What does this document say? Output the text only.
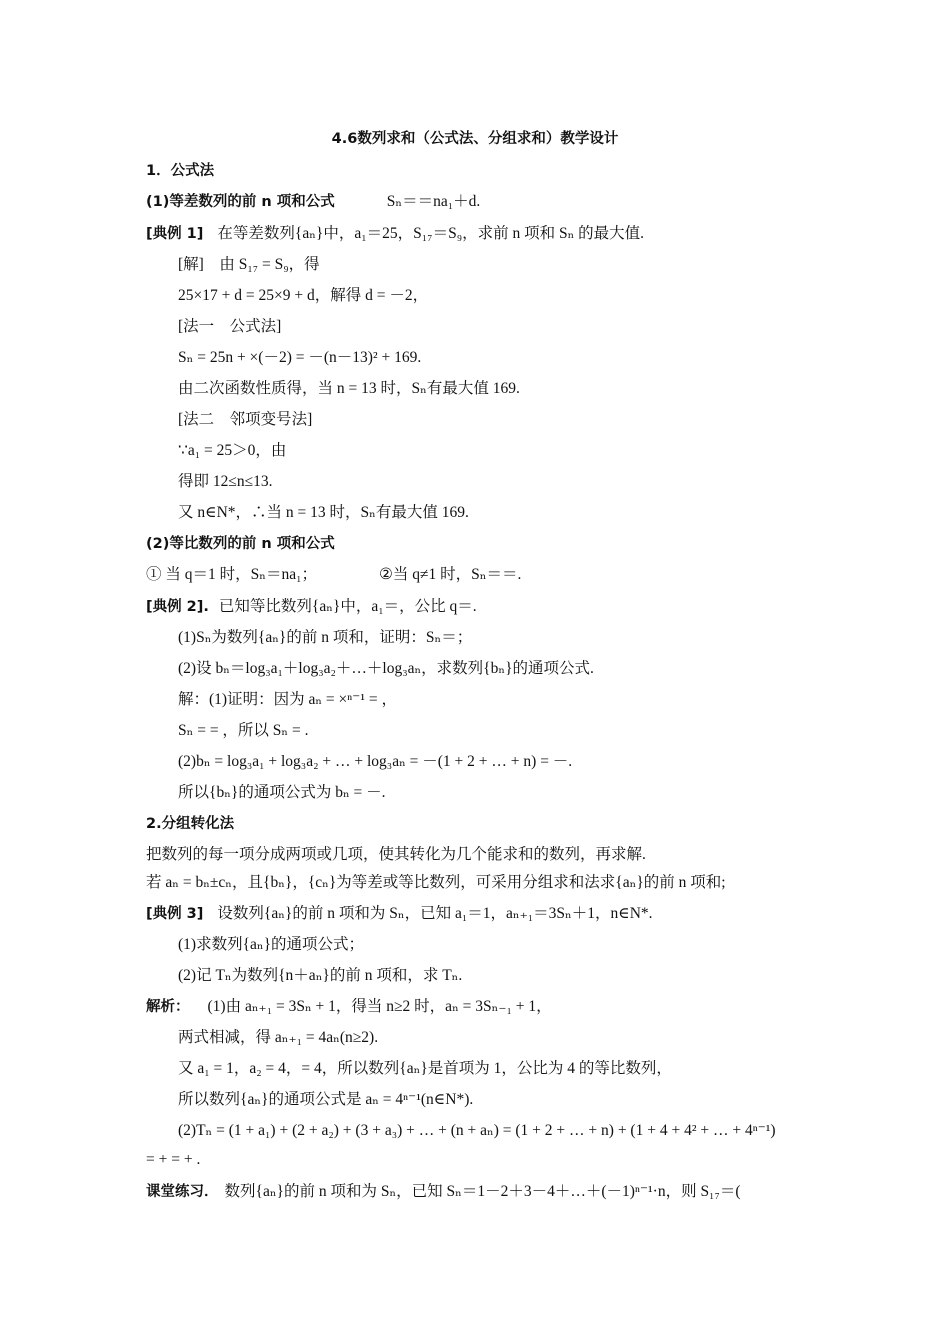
4.6数列求和（公式法、分组求和）教学设计
1．公式法
(1)等差数列的前 n 项和公式	Sₙ＝＝na₁＋d.
[典例 1] 在等差数列{aₙ}中，a₁＝25，S₁₇＝S₉，求前 n 项和 Sₙ 的最大值.
[解]　由 S₁₇ = S₉，得
25×17 + d = 25×9 + d，解得 d = －2，
[法一　公式法]
Sₙ = 25n + ×(－2) = －(n－13)² + 169.
由二次函数性质得，当 n = 13 时，Sₙ有最大值 169.
[法二　邻项变号法]
∵a₁ = 25＞0，由
得即 12≤n≤13.
又 n∈N*，∴当 n = 13 时，Sₙ有最大值 169.
(2)等比数列的前 n 项和公式
① 当 q＝1 时，Sₙ＝na₁；	②当 q≠1 时，Sₙ＝＝.
[典例 2]. 已知等比数列{aₙ}中，a₁＝，公比 q＝.
(1)Sₙ为数列{aₙ}的前 n 项和，证明：Sₙ＝；
(2)设 bₙ＝log₃a₁＋log₃a₂＋…＋log₃aₙ，求数列{bₙ}的通项公式.
解：(1)证明：因为 aₙ = ×ⁿ⁻¹ = ，
Sₙ = = ，所以 Sₙ = .
(2)bₙ = log₃a₁ + log₃a₂ + … + log₃aₙ = －(1 + 2 + … + n) = －.
所以{bₙ}的通项公式为 bₙ = －.
2.分组转化法
把数列的每一项分成两项或几项，使其转化为几个能求和的数列，再求解.
若 aₙ = bₙ±cₙ，且{bₙ}，{cₙ}为等差或等比数列，可采用分组求和法求{aₙ}的前 n 项和;
[典例 3] 设数列{aₙ}的前 n 项和为 Sₙ，已知 a₁＝1，aₙ₊₁＝3Sₙ＋1，n∈N*.
(1)求数列{aₙ}的通项公式；
(2)记 Tₙ为数列{n＋aₙ}的前 n 项和，求 Tₙ.
解析： (1)由 aₙ₊₁ = 3Sₙ + 1，得当 n≥2 时，aₙ = 3Sₙ₋₁ + 1，
两式相减，得 aₙ₊₁ = 4aₙ(n≥2).
又 a₁ = 1，a₂ = 4，= 4，所以数列{aₙ}是首项为 1，公比为 4 的等比数列，
所以数列{aₙ}的通项公式是 aₙ = 4ⁿ⁻¹(n∈N*).
(2)Tₙ = (1 + a₁) + (2 + a₂) + (3 + a₃) + … + (n + aₙ) = (1 + 2 + … + n) + (1 + 4 + 4² + … + 4ⁿ⁻¹)
= + = + .
课堂练习． 数列{aₙ}的前 n 项和为 Sₙ，已知 Sₙ＝1－2＋3－4＋…＋(－1)ⁿ⁻¹·n，则 S₁₇＝(
